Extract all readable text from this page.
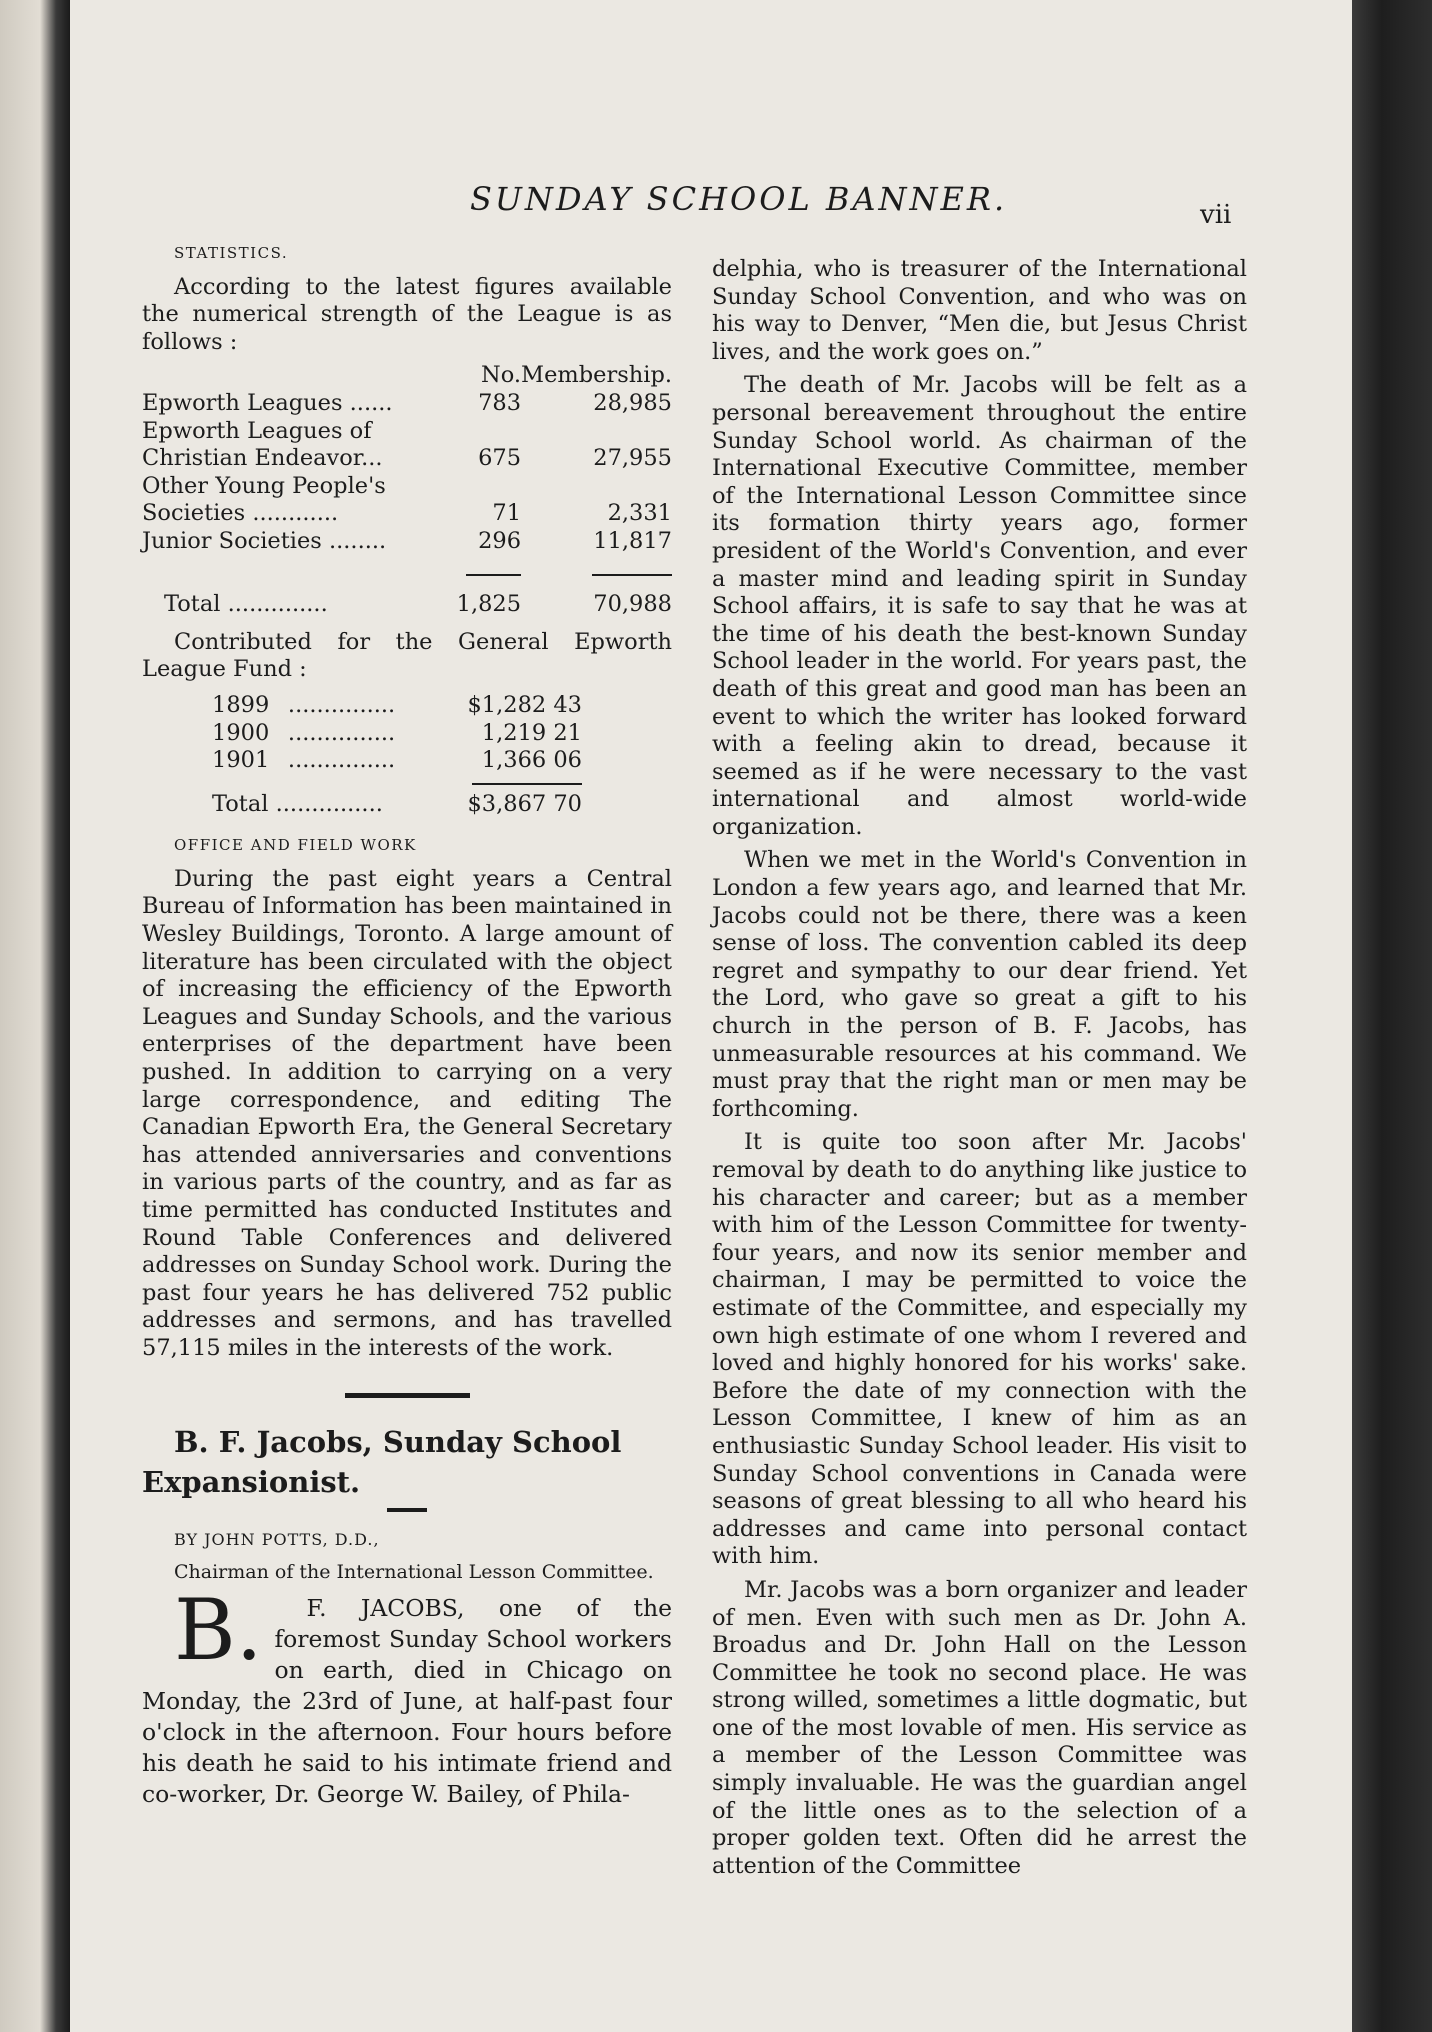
SUNDAY SCHOOL BANNER.	vii

STATISTICS.

According to the latest figures available the numerical strength of the League is as follows :

	No.	Membership.
Epworth Leagues ......	783	28,985
Epworth Leagues of Christian Endeavor...	675	27,955
Other Young People's Societies ............	71	2,331
Junior Societies ........	296	11,817

Total ..............	1,825	70,988

Contributed for the General Epworth League Fund :

1899	...............	$1,282 43
1900	...............	1,219 21
1901	...............	1,366 06
Total ...............	$3,867 70

OFFICE AND FIELD WORK

During the past eight years a Central Bureau of Information has been maintained in Wesley Buildings, Toronto. A large amount of literature has been circulated with the object of increasing the efficiency of the Epworth Leagues and Sunday Schools, and the various enterprises of the department have been pushed. In addition to carrying on a very large correspondence, and editing The Canadian Epworth Era, the General Secretary has attended anniversaries and conventions in various parts of the country, and as far as time permitted has conducted Institutes and Round Table Conferences and delivered addresses on Sunday School work. During the past four years he has delivered 752 public addresses and sermons, and has travelled 57,115 miles in the interests of the work.

B. F. Jacobs, Sunday School
Expansionist.

BY JOHN POTTS, D.D.,

Chairman of the International Lesson Committee.

B. F. JACOBS, one of the foremost Sunday School workers on earth, died in Chicago on Monday, the 23rd of June, at half-past four o'clock in the afternoon. Four hours before his death he said to his intimate friend and co-worker, Dr. George W. Bailey, of Phila-

delphia, who is treasurer of the International Sunday School Convention, and who was on his way to Denver, “Men die, but Jesus Christ lives, and the work goes on.”

The death of Mr. Jacobs will be felt as a personal bereavement throughout the entire Sunday School world. As chairman of the International Executive Committee, member of the International Lesson Committee since its formation thirty years ago, former president of the World's Convention, and ever a master mind and leading spirit in Sunday School affairs, it is safe to say that he was at the time of his death the best-known Sunday School leader in the world. For years past, the death of this great and good man has been an event to which the writer has looked forward with a feeling akin to dread, because it seemed as if he were necessary to the vast international and almost world-wide organization.

When we met in the World's Convention in London a few years ago, and learned that Mr. Jacobs could not be there, there was a keen sense of loss. The convention cabled its deep regret and sympathy to our dear friend. Yet the Lord, who gave so great a gift to his church in the person of B. F. Jacobs, has unmeasurable resources at his command. We must pray that the right man or men may be forthcoming.

It is quite too soon after Mr. Jacobs' removal by death to do anything like justice to his character and career; but as a member with him of the Lesson Committee for twenty-four years, and now its senior member and chairman, I may be permitted to voice the estimate of the Committee, and especially my own high estimate of one whom I revered and loved and highly honored for his works' sake. Before the date of my connection with the Lesson Committee, I knew of him as an enthusiastic Sunday School leader. His visit to Sunday School conventions in Canada were seasons of great blessing to all who heard his addresses and came into personal contact with him.

Mr. Jacobs was a born organizer and leader of men. Even with such men as Dr. John A. Broadus and Dr. John Hall on the Lesson Committee he took no second place. He was strong willed, sometimes a little dogmatic, but one of the most lovable of men. His service as a member of the Lesson Committee was simply invaluable. He was the guardian angel of the little ones as to the selection of a proper golden text. Often did he arrest the attention of the Committee
